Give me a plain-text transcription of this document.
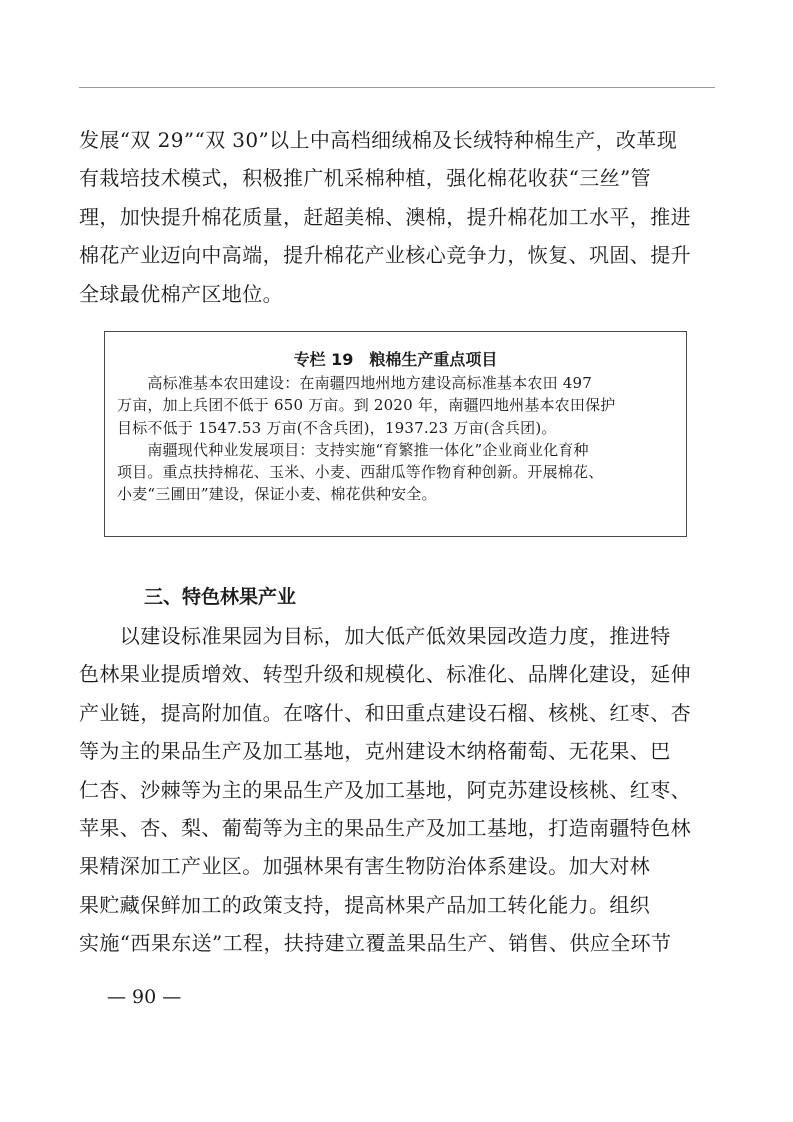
发展“双 29”“双 30”以上中高档细绒棉及长绒特种棉生产，改革现
有栽培技术模式，积极推广机采棉种植，强化棉花收获“三丝”管
理，加快提升棉花质量，赶超美棉、澳棉，提升棉花加工水平，推进
棉花产业迈向中高端，提升棉花产业核心竞争力，恢复、巩固、提升
全球最优棉产区地位。
专栏 19　粮棉生产重点项目
　　高标准基本农田建设：在南疆四地州地方建设高标准基本农田 497
万亩，加上兵团不低于 650 万亩。到 2020 年，南疆四地州基本农田保护
目标不低于 1547.53 万亩(不含兵团)，1937.23 万亩(含兵团)。
　　南疆现代种业发展项目：支持实施“育繁推一体化”企业商业化育种
项目。重点扶持棉花、玉米、小麦、西甜瓜等作物育种创新。开展棉花、
小麦“三圃田”建设，保证小麦、棉花供种安全。
三、特色林果产业
　　以建设标准果园为目标，加大低产低效果园改造力度，推进特
色林果业提质增效、转型升级和规模化、标准化、品牌化建设，延伸
产业链，提高附加值。在喀什、和田重点建设石榴、核桃、红枣、杏
等为主的果品生产及加工基地，克州建设木纳格葡萄、无花果、巴
仁杏、沙棘等为主的果品生产及加工基地，阿克苏建设核桃、红枣、
苹果、杏、梨、葡萄等为主的果品生产及加工基地，打造南疆特色林
果精深加工产业区。加强林果有害生物防治体系建设。加大对林
果贮藏保鲜加工的政策支持，提高林果产品加工转化能力。组织
实施“西果东送”工程，扶持建立覆盖果品生产、销售、供应全环节
— 90 —
